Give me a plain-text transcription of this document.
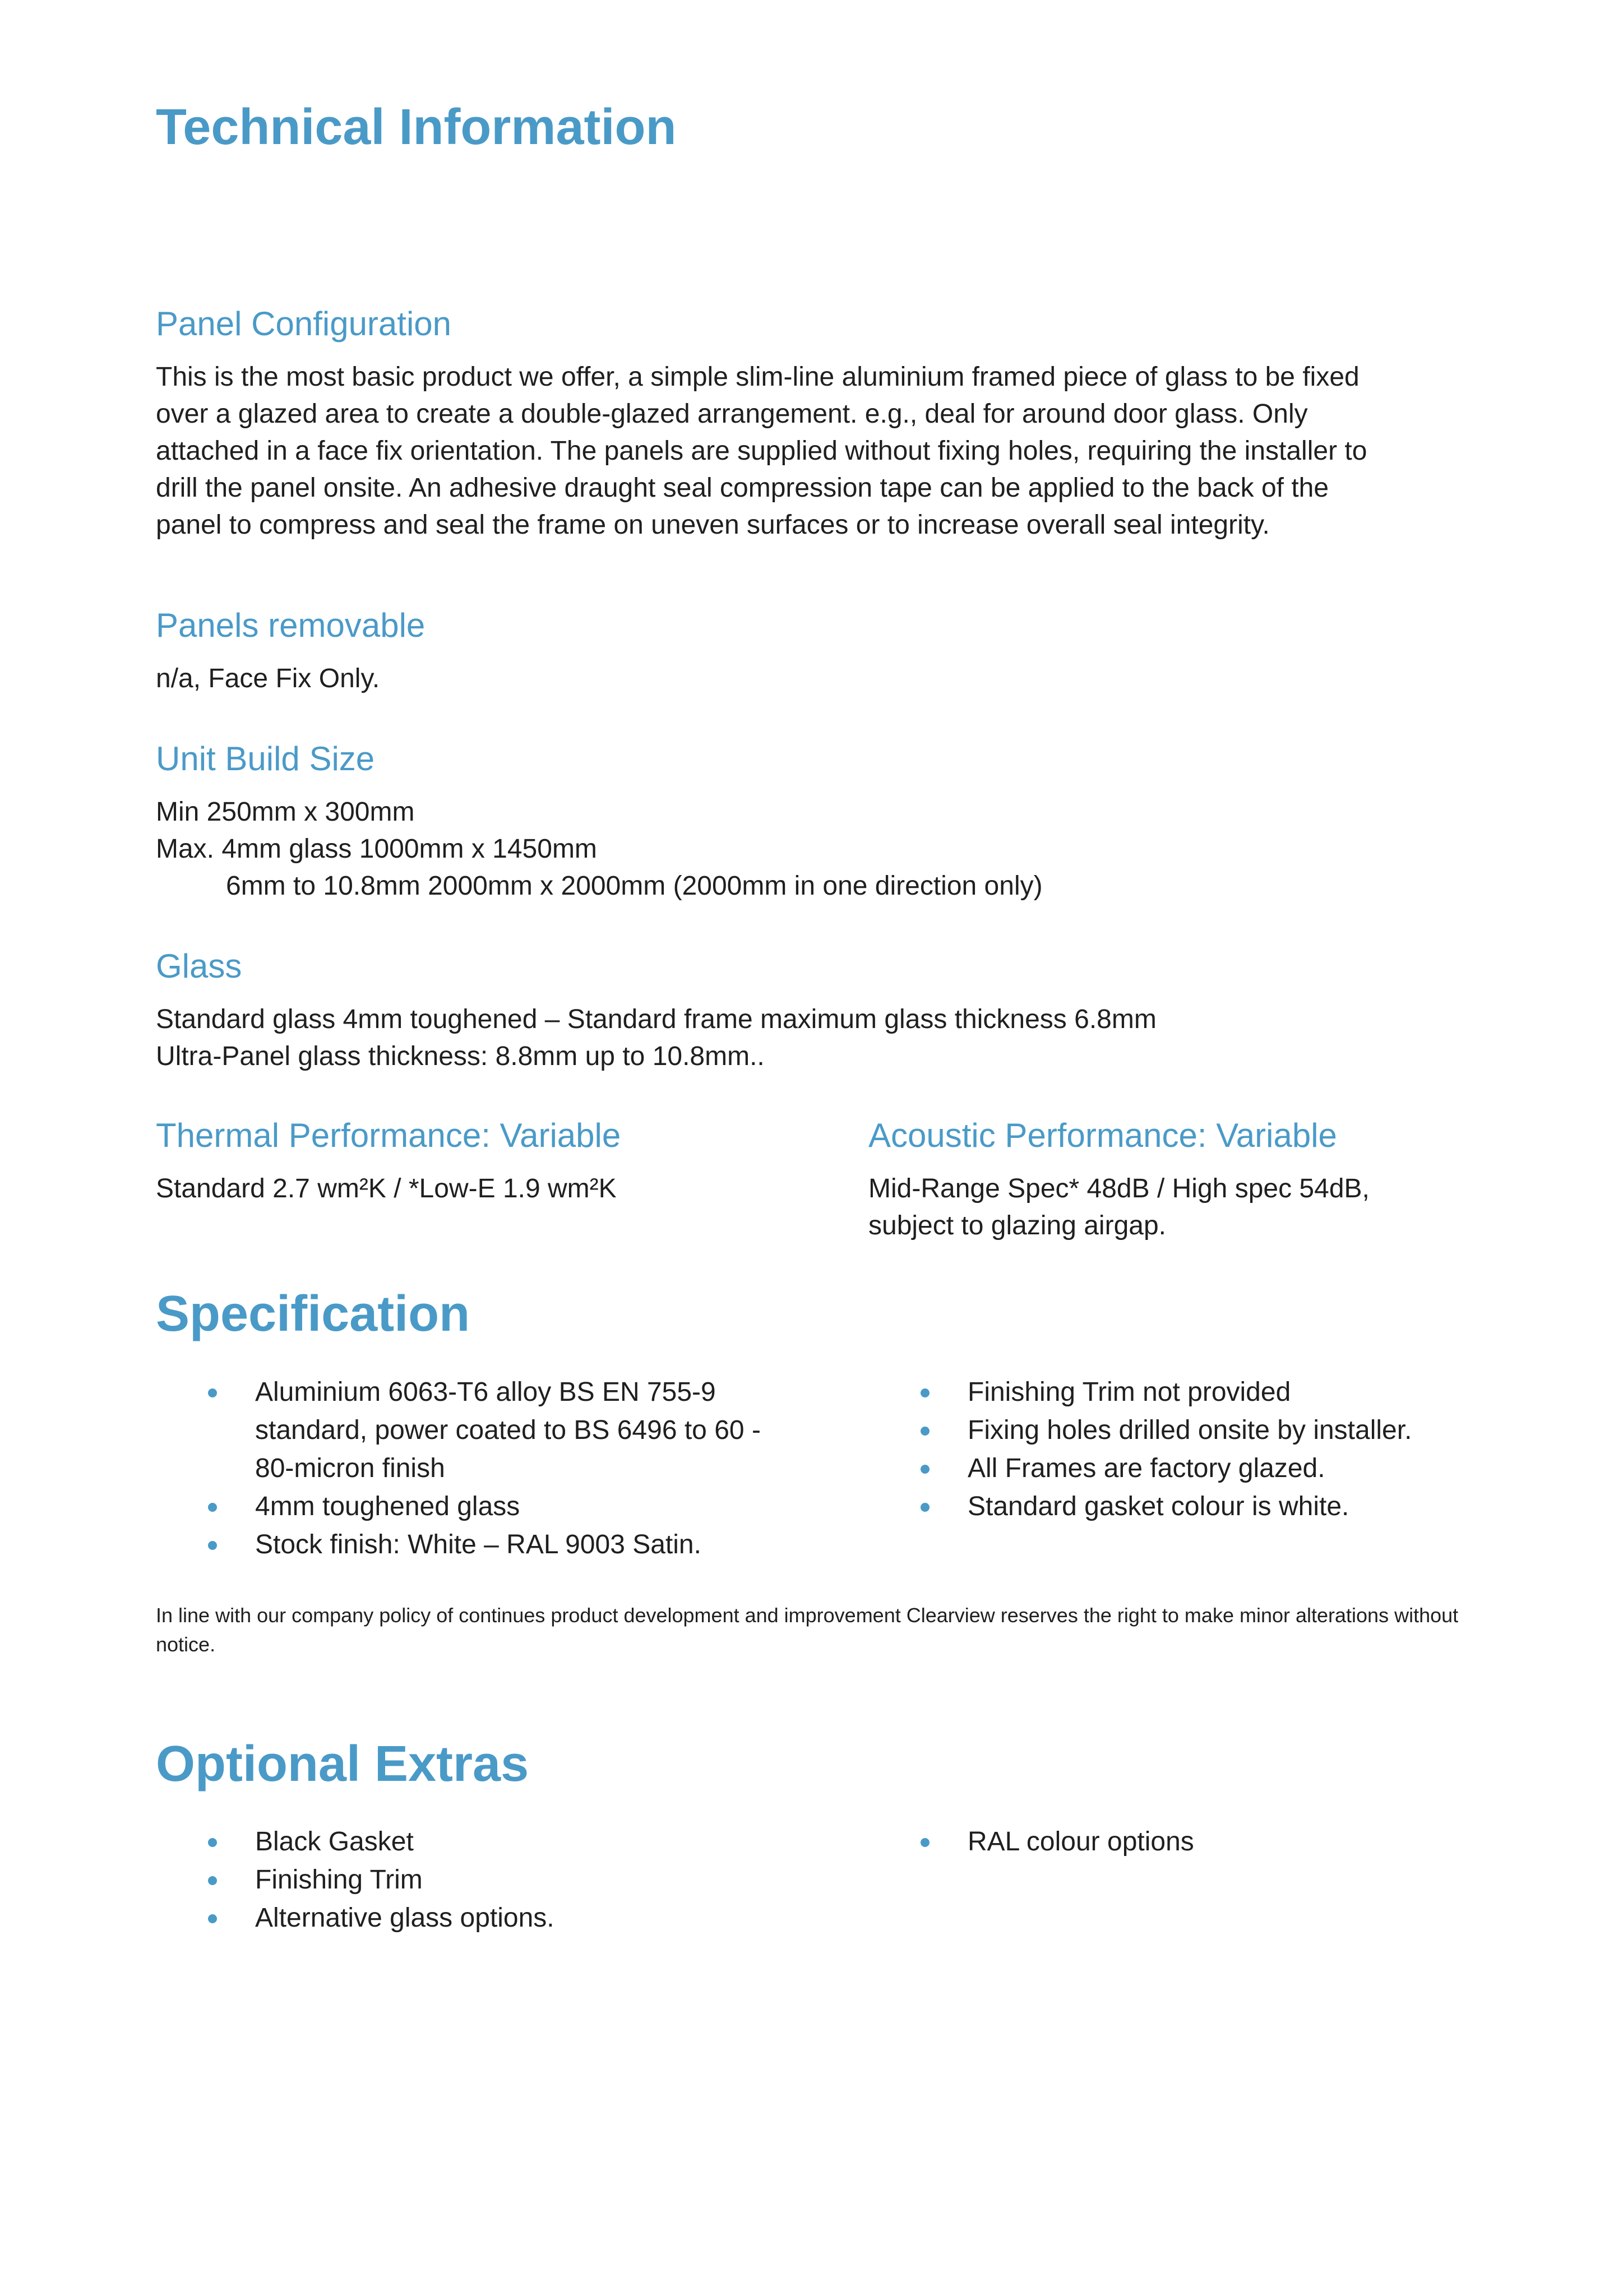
Technical Information
Panel Configuration

This is the most basic product we offer, a simple slim-line aluminium framed piece of glass to be fixed
over a glazed area to create a double-glazed arrangement. e.g., deal for around door glass. Only
attached in a face fix orientation. The panels are supplied without fixing holes, requiring the installer to
drill the panel onsite. An adhesive draught seal compression tape can be applied to the back of the
panel to compress and seal the frame on uneven surfaces or to increase overall seal integrity.

Panels removable

n/a, Face Fix Only.

Unit Build Size

Min 250mm x 300mm
Max. 4mm glass 1000mm x 1450mm
6mm to 10.8mm 2000mm x 2000mm (2000mm in one direction only)

Glass

Standard glass 4mm toughened – Standard frame maximum glass thickness 6.8mm
Ultra-Panel glass thickness: 8.8mm up to 10.8mm..

Thermal Performance: Variable

Standard 2.7 wm²K / *Low-E 1.9 wm²K

Acoustic Performance: Variable

Mid-Range Spec* 48dB / High spec 54dB,
subject to glazing airgap.

Specification
Aluminium 6063-T6 alloy BS EN 755-9 standard, power coated to BS 6496 to 60 - 80-micron finish
4mm toughened glass
Stock finish: White – RAL 9003 Satin.
Finishing Trim not provided
Fixing holes drilled onsite by installer.
All Frames are factory glazed.
Standard gasket colour is white.

In line with our company policy of continues product development and improvement Clearview reserves the right to make minor alterations without notice.

Optional Extras
Black Gasket
Finishing Trim
Alternative glass options.
RAL colour options
